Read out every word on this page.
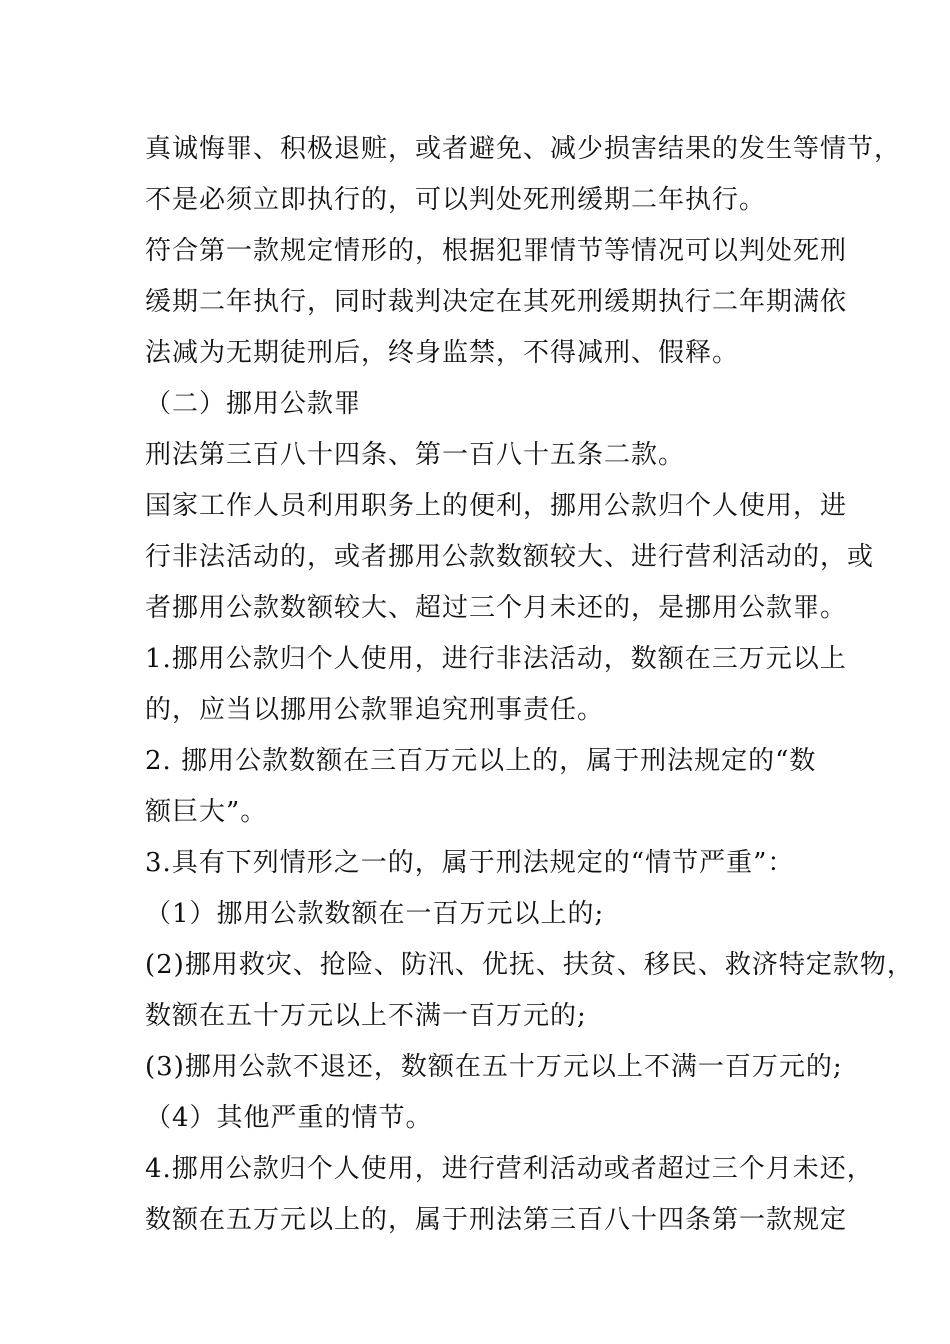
真诚悔罪、积极退赃，或者避免、减少损害结果的发生等情节，
不是必须立即执行的，可以判处死刑缓期二年执行。
符合第一款规定情形的，根据犯罪情节等情况可以判处死刑
缓期二年执行，同时裁判决定在其死刑缓期执行二年期满依
法减为无期徒刑后，终身监禁，不得减刑、假释。
（二）挪用公款罪
刑法第三百八十四条、第一百八十五条二款。
国家工作人员利用职务上的便利，挪用公款归个人使用，进
行非法活动的，或者挪用公款数额较大、进行营利活动的，或
者挪用公款数额较大、超过三个月未还的，是挪用公款罪。
1.挪用公款归个人使用，进行非法活动，数额在三万元以上
的，应当以挪用公款罪追究刑事责任。
2. 挪用公款数额在三百万元以上的，属于刑法规定的“数
额巨大”。
3.具有下列情形之一的，属于刑法规定的“情节严重”：
（1）挪用公款数额在一百万元以上的;
(2)挪用救灾、抢险、防汛、优抚、扶贫、移民、救济特定款物，
数额在五十万元以上不满一百万元的;
(3)挪用公款不退还，数额在五十万元以上不满一百万元的;
（4）其他严重的情节。
4.挪用公款归个人使用，进行营利活动或者超过三个月未还，
数额在五万元以上的，属于刑法第三百八十四条第一款规定
